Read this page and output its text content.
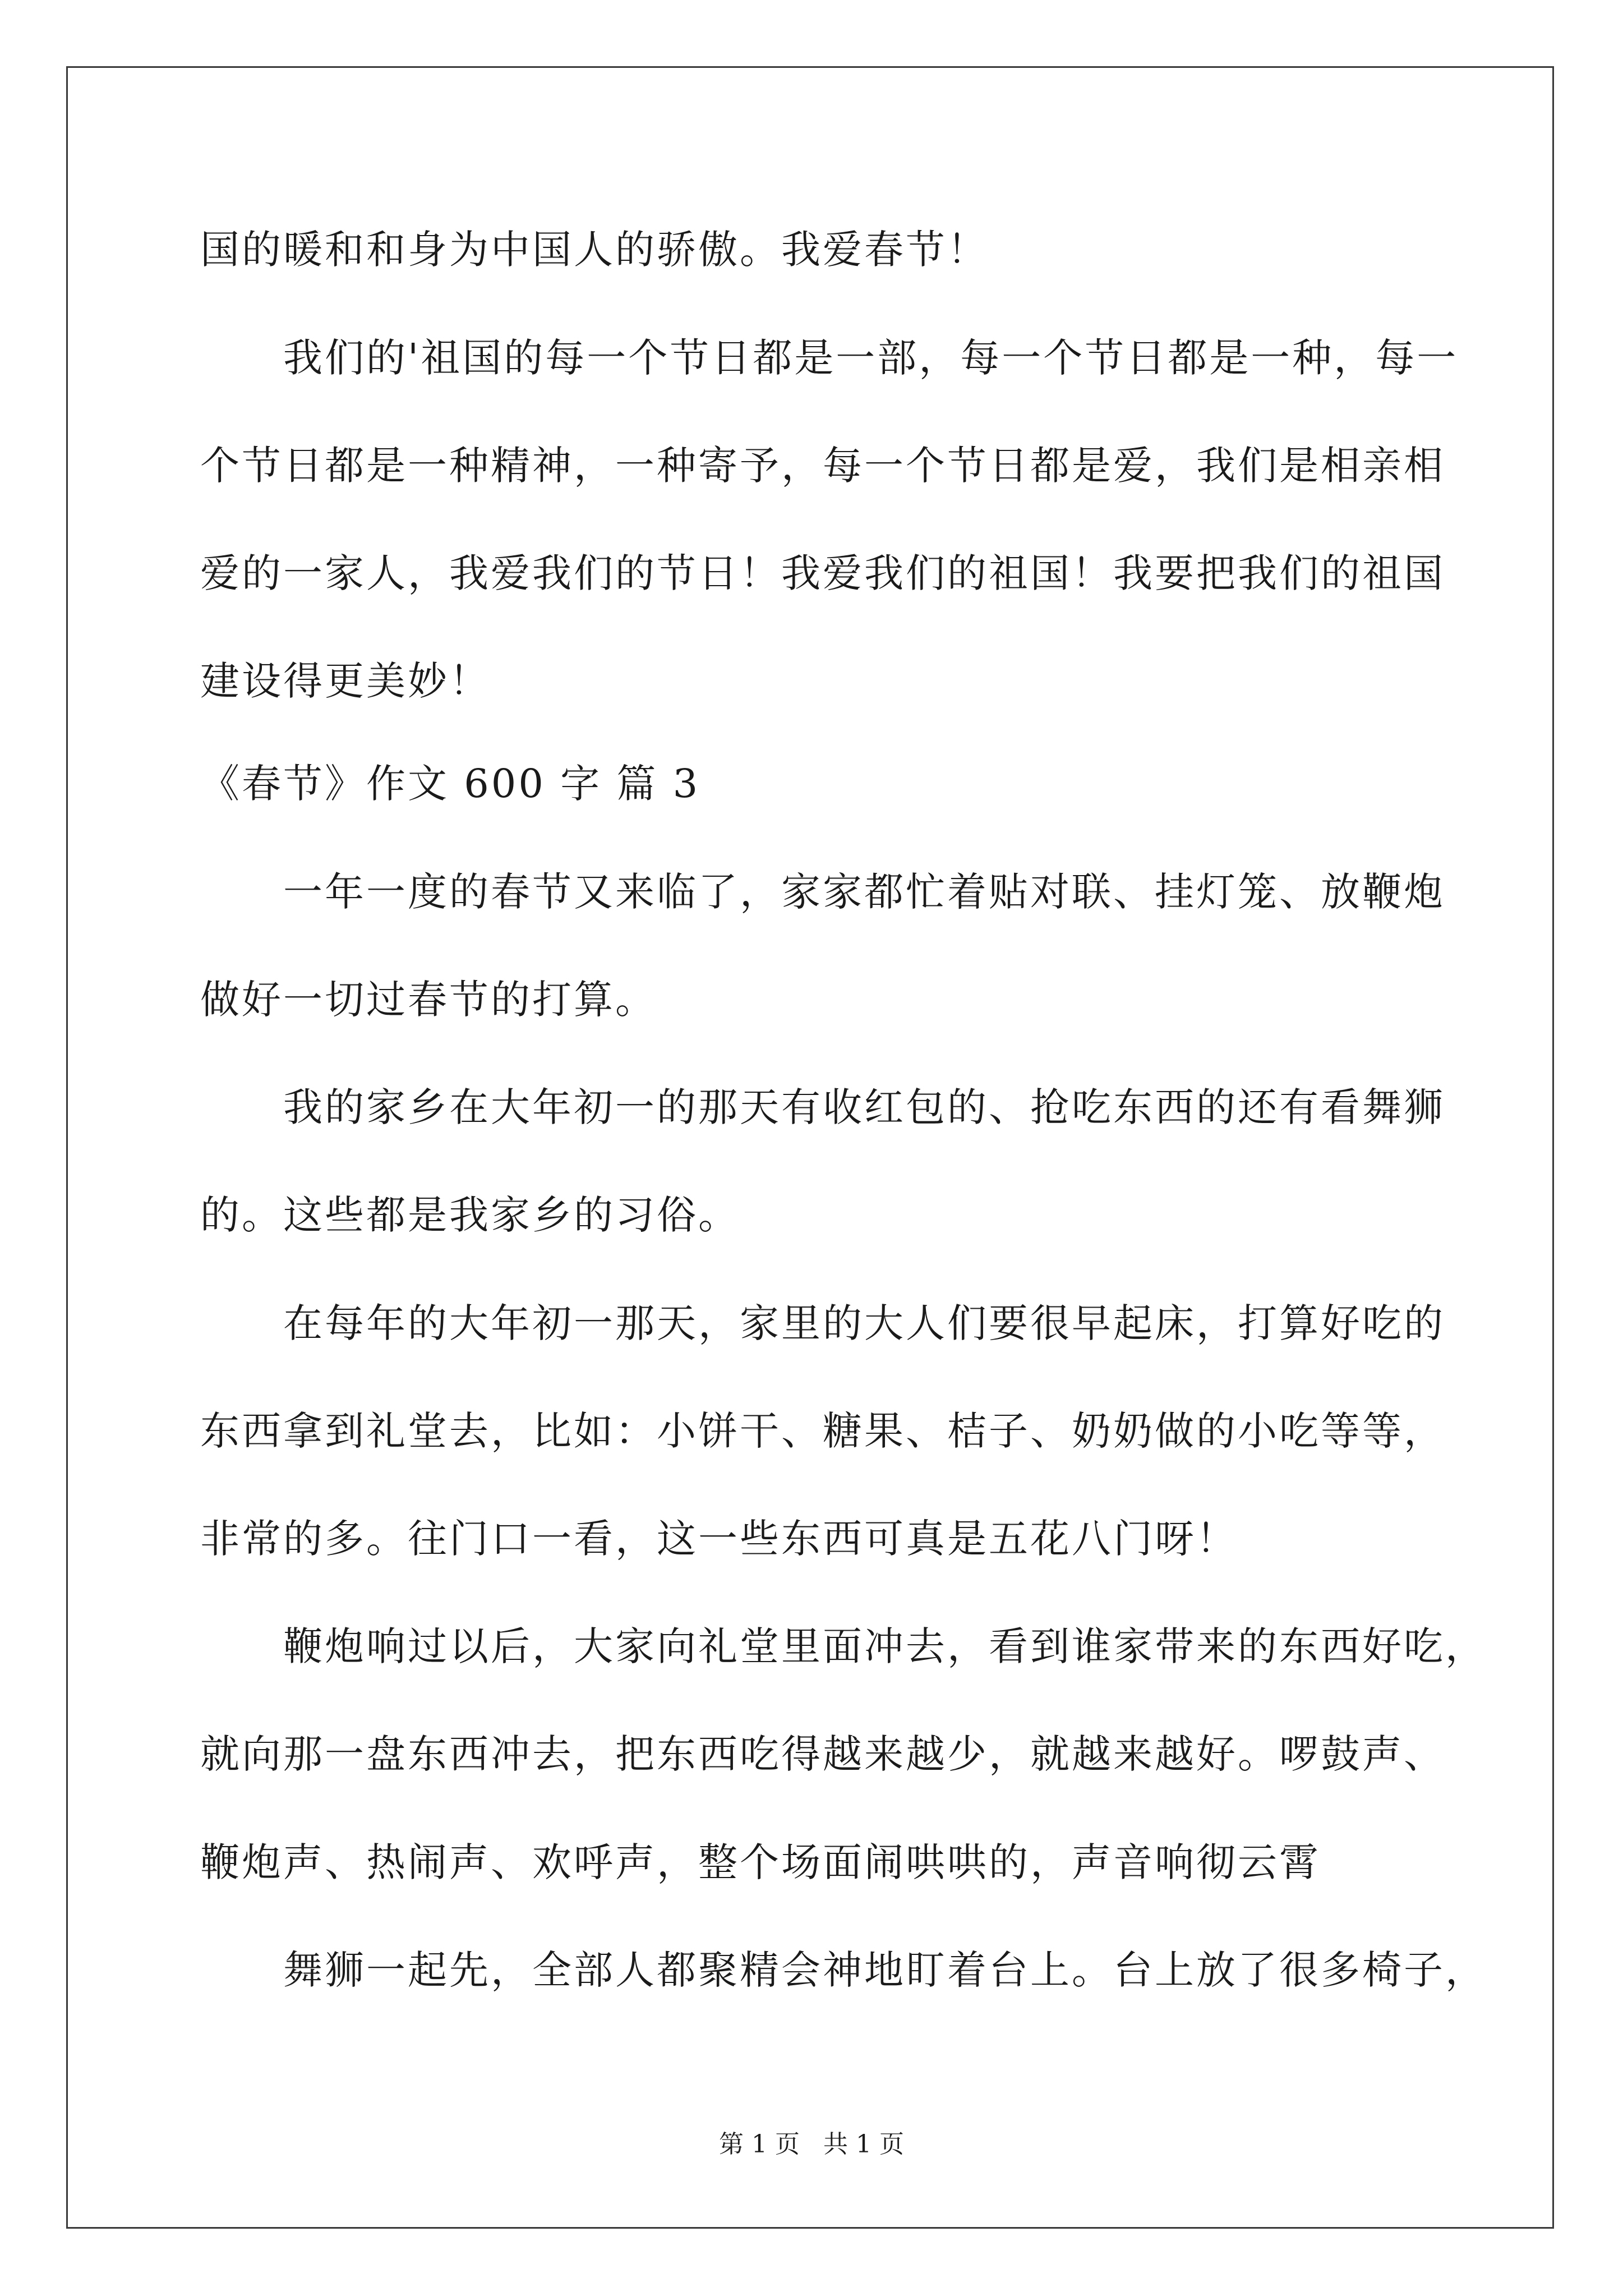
国的暖和和身为中国人的骄傲。我爱春节！
我们的'祖国的每一个节日都是一部，每一个节日都是一种，每一
个节日都是一种精神，一种寄予，每一个节日都是爱，我们是相亲相
爱的一家人，我爱我们的节日！我爱我们的祖国！我要把我们的祖国
建设得更美妙！
《春节》作文 600 字 篇 3
一年一度的春节又来临了，家家都忙着贴对联、挂灯笼、放鞭炮
做好一切过春节的打算。
我的家乡在大年初一的那天有收红包的、抢吃东西的还有看舞狮
的。这些都是我家乡的习俗。
在每年的大年初一那天，家里的大人们要很早起床，打算好吃的
东西拿到礼堂去，比如：小饼干、糖果、桔子、奶奶做的小吃等等，
非常的多。往门口一看，这一些东西可真是五花八门呀！
鞭炮响过以后，大家向礼堂里面冲去，看到谁家带来的东西好吃，
就向那一盘东西冲去，把东西吃得越来越少，就越来越好。啰鼓声、
鞭炮声、热闹声、欢呼声，整个场面闹哄哄的，声音响彻云霄
舞狮一起先，全部人都聚精会神地盯着台上。台上放了很多椅子，
第 1 页 共 1 页
